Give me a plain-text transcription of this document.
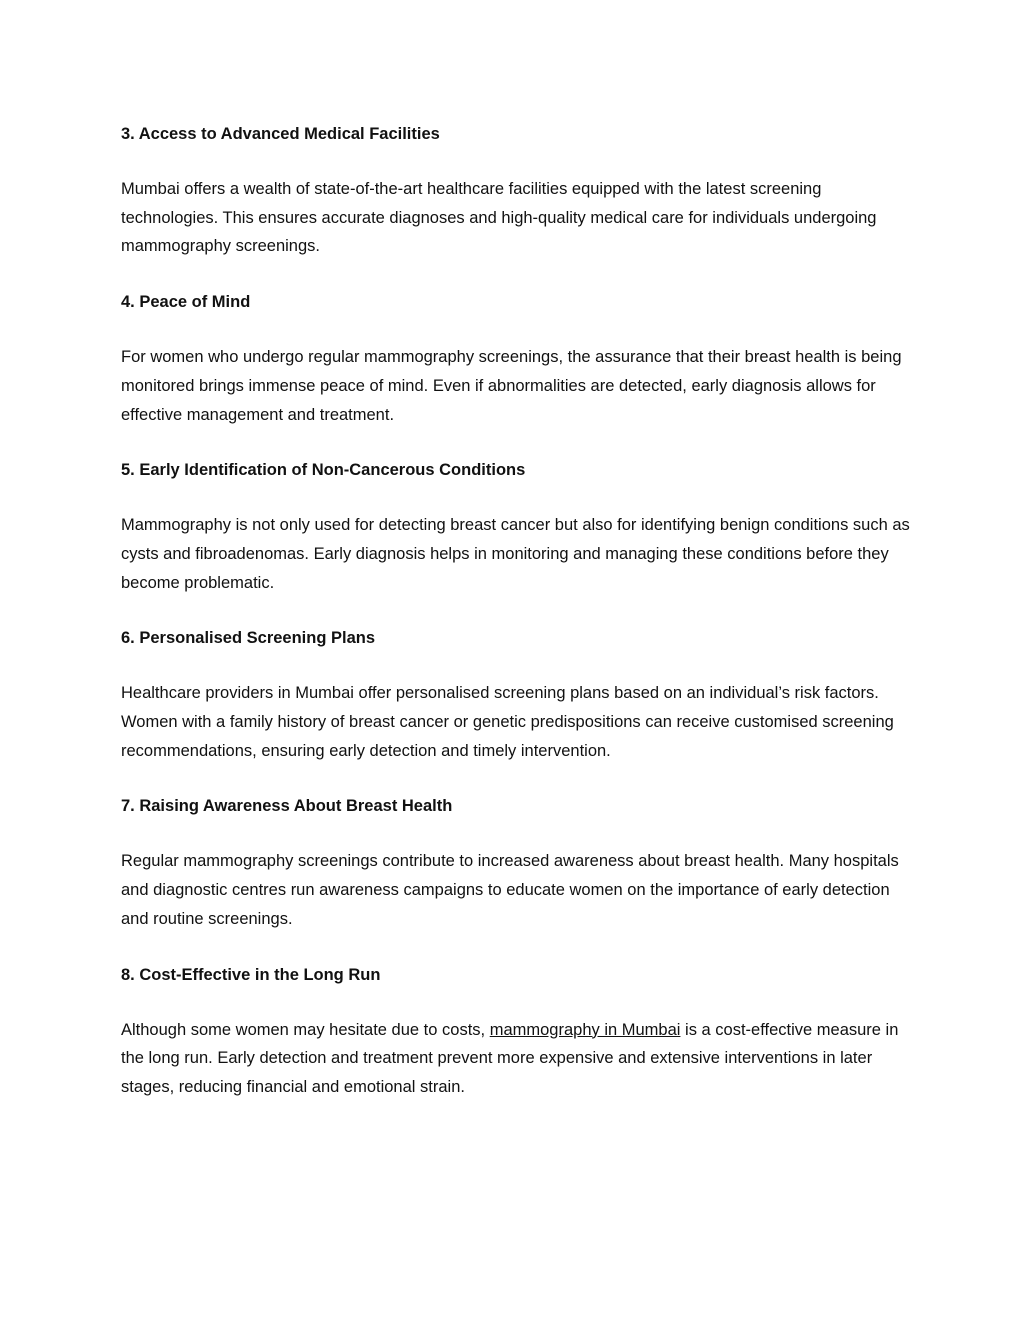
3. Access to Advanced Medical Facilities

Mumbai offers a wealth of state-of-the-art healthcare facilities equipped with the latest screening technologies. This ensures accurate diagnoses and high-quality medical care for individuals undergoing mammography screenings.

4. Peace of Mind

For women who undergo regular mammography screenings, the assurance that their breast health is being monitored brings immense peace of mind. Even if abnormalities are detected, early diagnosis allows for effective management and treatment.

5. Early Identification of Non-Cancerous Conditions

Mammography is not only used for detecting breast cancer but also for identifying benign conditions such as cysts and fibroadenomas. Early diagnosis helps in monitoring and managing these conditions before they become problematic.

6. Personalised Screening Plans

Healthcare providers in Mumbai offer personalised screening plans based on an individual’s risk factors. Women with a family history of breast cancer or genetic predispositions can receive customised screening recommendations, ensuring early detection and timely intervention.

7. Raising Awareness About Breast Health

Regular mammography screenings contribute to increased awareness about breast health. Many hospitals and diagnostic centres run awareness campaigns to educate women on the importance of early detection and routine screenings.

8. Cost-Effective in the Long Run

Although some women may hesitate due to costs, mammography in Mumbai is a cost-effective measure in the long run. Early detection and treatment prevent more expensive and extensive interventions in later stages, reducing financial and emotional strain.
